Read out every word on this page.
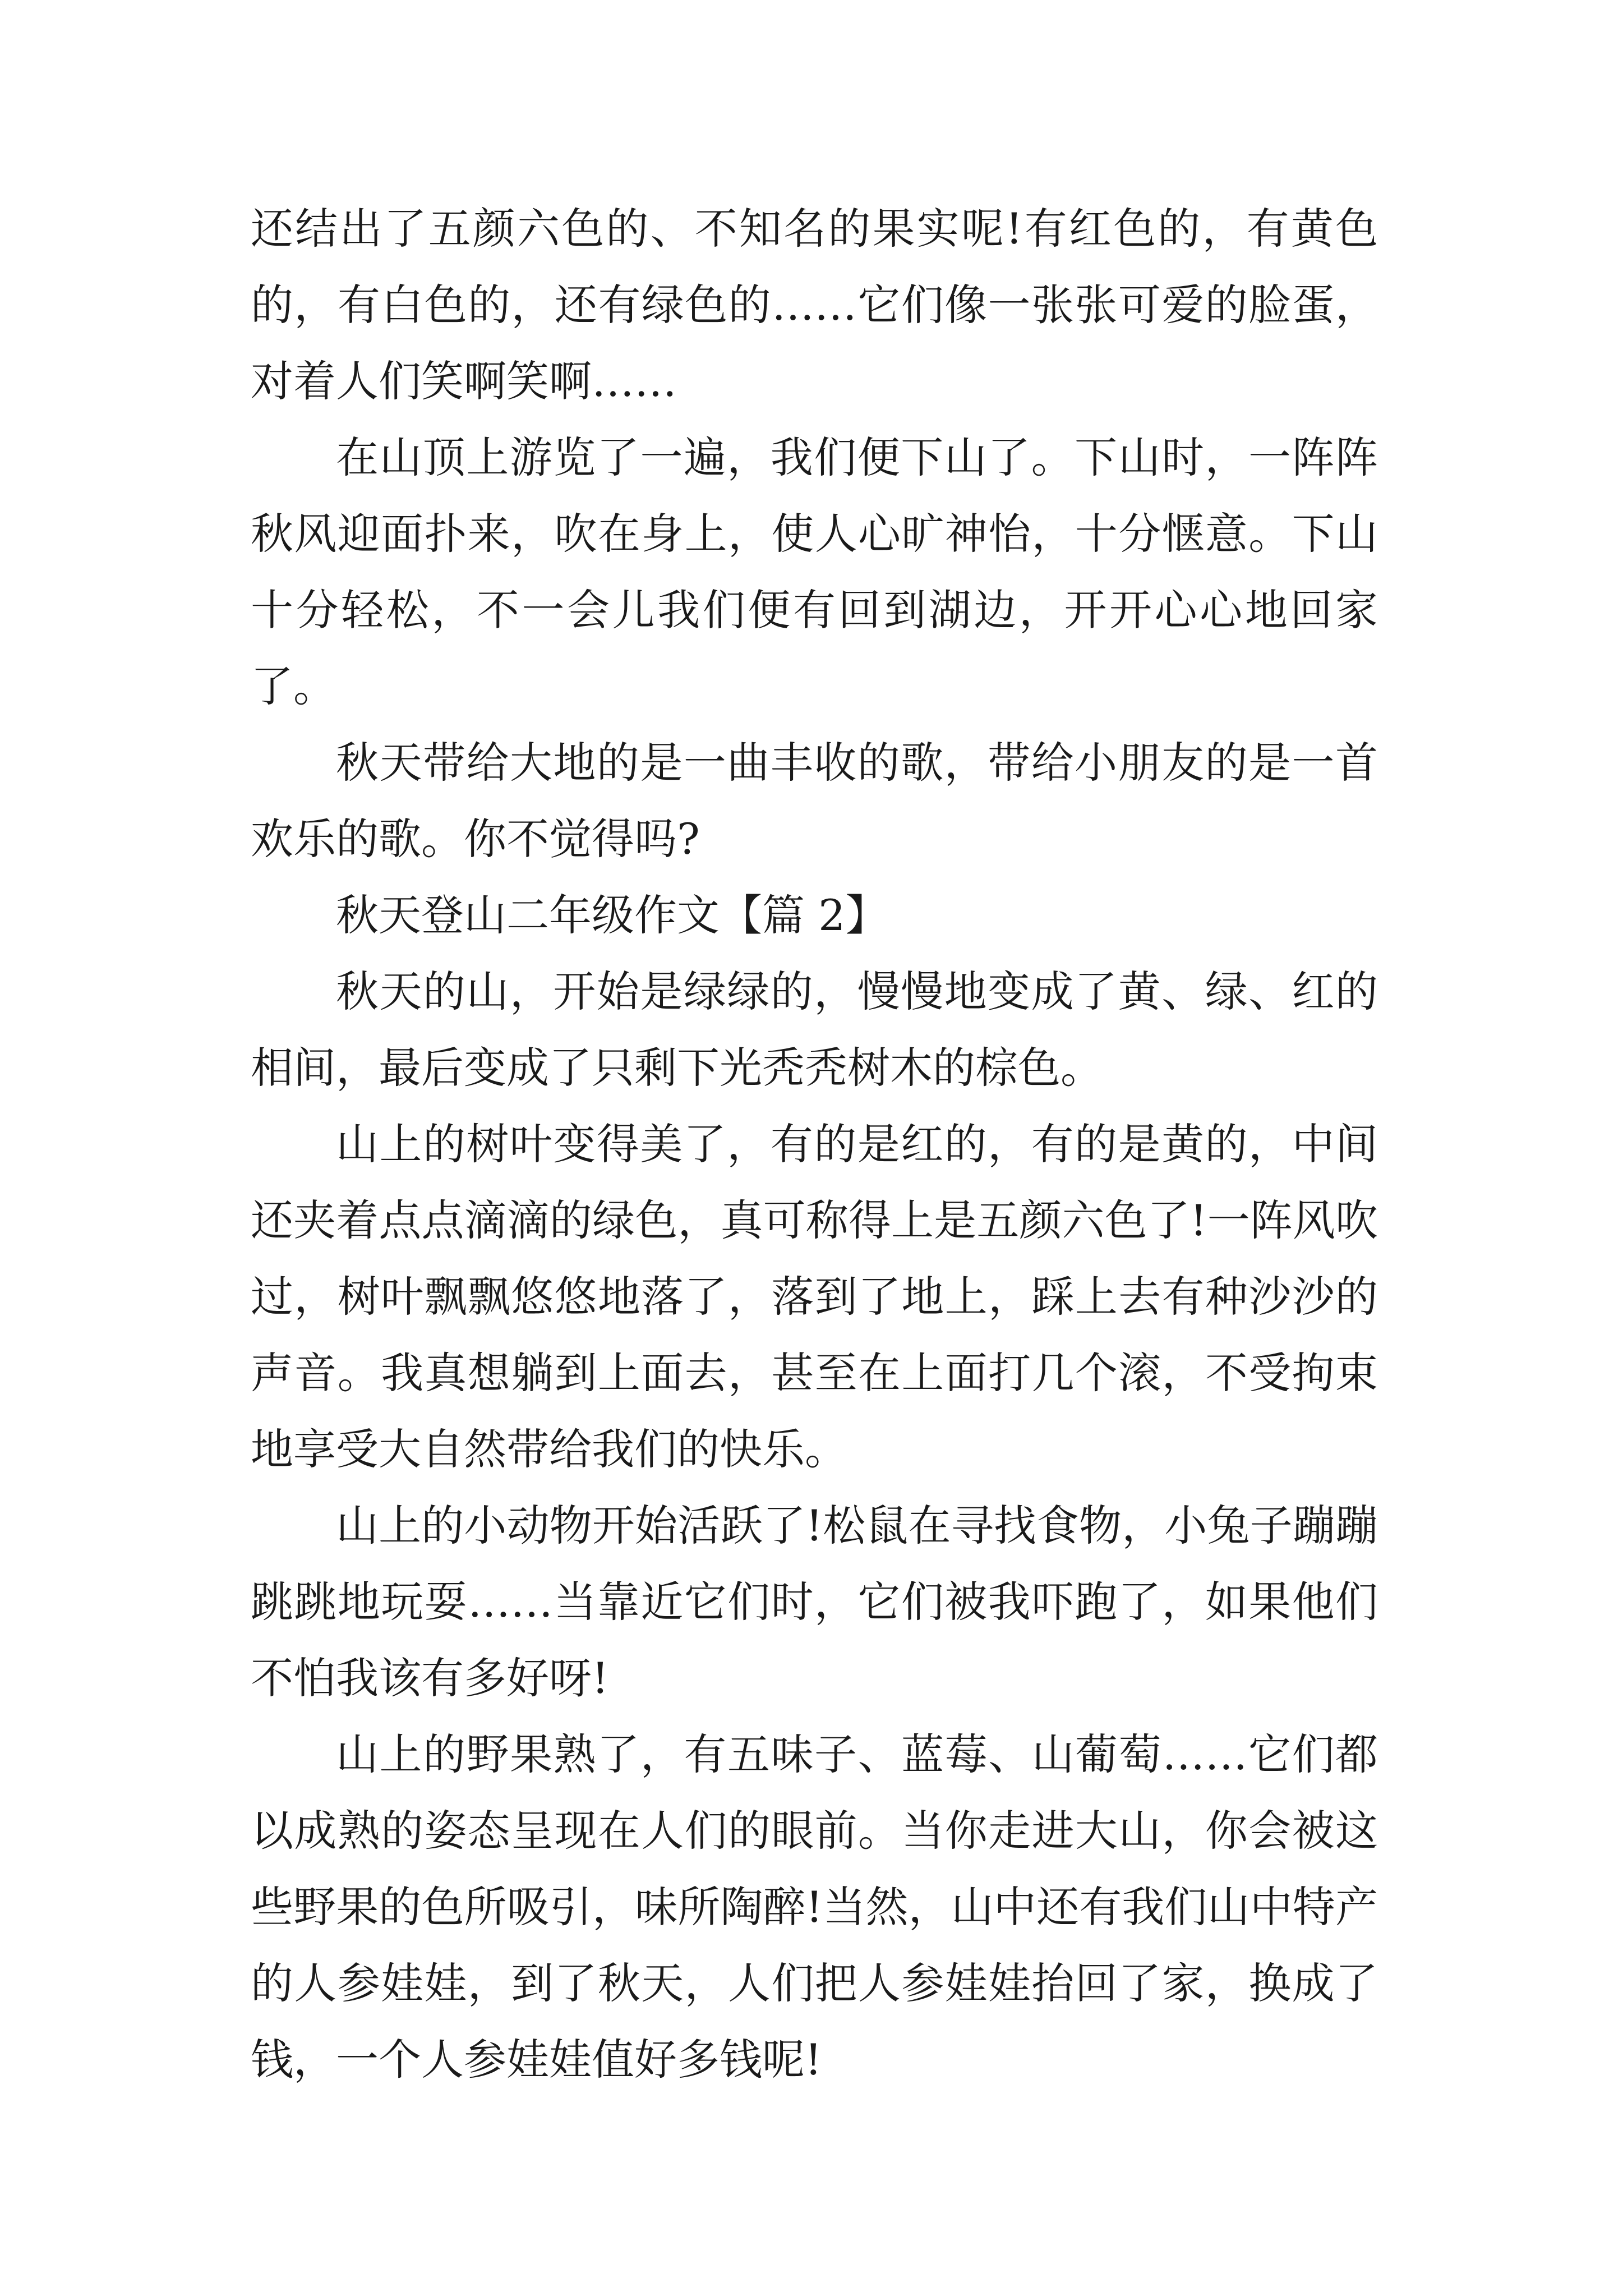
还结出了五颜六色的、不知名的果实呢!有红色的，有黄色的，有白色的，还有绿色的……它们像一张张可爱的脸蛋，对着人们笑啊笑啊……

在山顶上游览了一遍，我们便下山了。下山时，一阵阵秋风迎面扑来，吹在身上，使人心旷神怡，十分惬意。下山十分轻松，不一会儿我们便有回到湖边，开开心心地回家了。

秋天带给大地的是一曲丰收的歌，带给小朋友的是一首欢乐的歌。你不觉得吗?

秋天登山二年级作文【篇 2】

秋天的山，开始是绿绿的，慢慢地变成了黄、绿、红的相间，最后变成了只剩下光秃秃树木的棕色。

山上的树叶变得美了，有的是红的，有的是黄的，中间还夹着点点滴滴的绿色，真可称得上是五颜六色了!一阵风吹过，树叶飘飘悠悠地落了，落到了地上，踩上去有种沙沙的声音。我真想躺到上面去，甚至在上面打几个滚，不受拘束地享受大自然带给我们的快乐。

山上的小动物开始活跃了!松鼠在寻找食物，小兔子蹦蹦跳跳地玩耍……当靠近它们时，它们被我吓跑了，如果他们不怕我该有多好呀!

山上的野果熟了，有五味子、蓝莓、山葡萄……它们都以成熟的姿态呈现在人们的眼前。当你走进大山，你会被这些野果的色所吸引，味所陶醉!当然，山中还有我们山中特产的人参娃娃，到了秋天，人们把人参娃娃抬回了家，换成了钱，一个人参娃娃值好多钱呢!
